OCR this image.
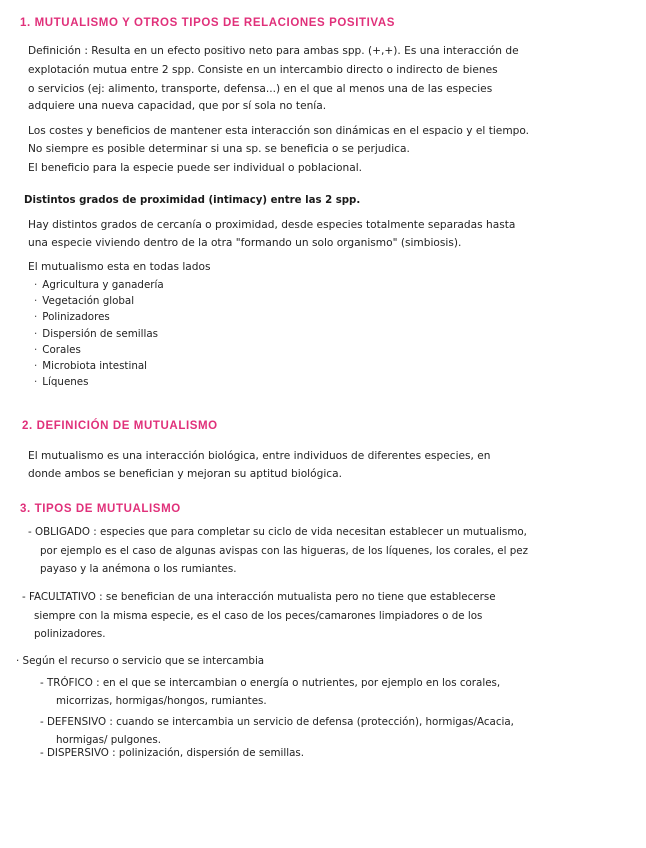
1. MUTUALISMO Y OTROS TIPOS DE RELACIONES POSITIVAS

Definición : Resulta en un efecto positivo neto para ambas spp. (+,+). Es una interacción de

explotación mutua entre 2 spp. Consiste en un intercambio directo o indirecto de bienes

o servicios (ej: alimento, transporte, defensa...) en el que al menos una de las especies

adquiere una nueva capacidad, que por sí sola no tenía.

Los costes y beneficios de mantener esta interacción son dinámicas en el espacio y el tiempo.

No siempre es posible determinar si una sp. se beneficia o se perjudica.

El beneficio para la especie puede ser individual o poblacional.

Distintos grados de proximidad (intimacy) entre las 2 spp.

Hay distintos grados de cercanía o proximidad, desde especies totalmente separadas hasta

una especie viviendo dentro de la otra "formando un solo organismo" (simbiosis).

El mutualismo esta en todas lados

· Agricultura y ganadería
· Vegetación global
· Polinizadores
· Dispersión de semillas
· Corales
· Microbiota intestinal
· Líquenes
2. DEFINICIÓN DE MUTUALISMO

El mutualismo es una interacción biológica, entre individuos de diferentes especies, en

donde ambos se benefician y mejoran su aptitud biológica.

3. TIPOS DE MUTUALISMO

- OBLIGADO : especies que para completar su ciclo de vida necesitan establecer un mutualismo,

por ejemplo es el caso de algunas avispas con las higueras, de los líquenes, los corales, el pez

payaso y la anémona o los rumiantes.

- FACULTATIVO : se benefician de una interacción mutualista pero no tiene que establecerse

siempre con la misma especie, es el caso de los peces/camarones limpiadores o de los

polinizadores.

· Según el recurso o servicio que se intercambia

- TRÓFICO : en el que se intercambian o energía o nutrientes, por ejemplo en los corales,

micorrizas, hormigas/hongos, rumiantes.

- DEFENSIVO : cuando se intercambia un servicio de defensa (protección), hormigas/Acacia,

hormigas/ pulgones.

- DISPERSIVO : polinización, dispersión de semillas.
